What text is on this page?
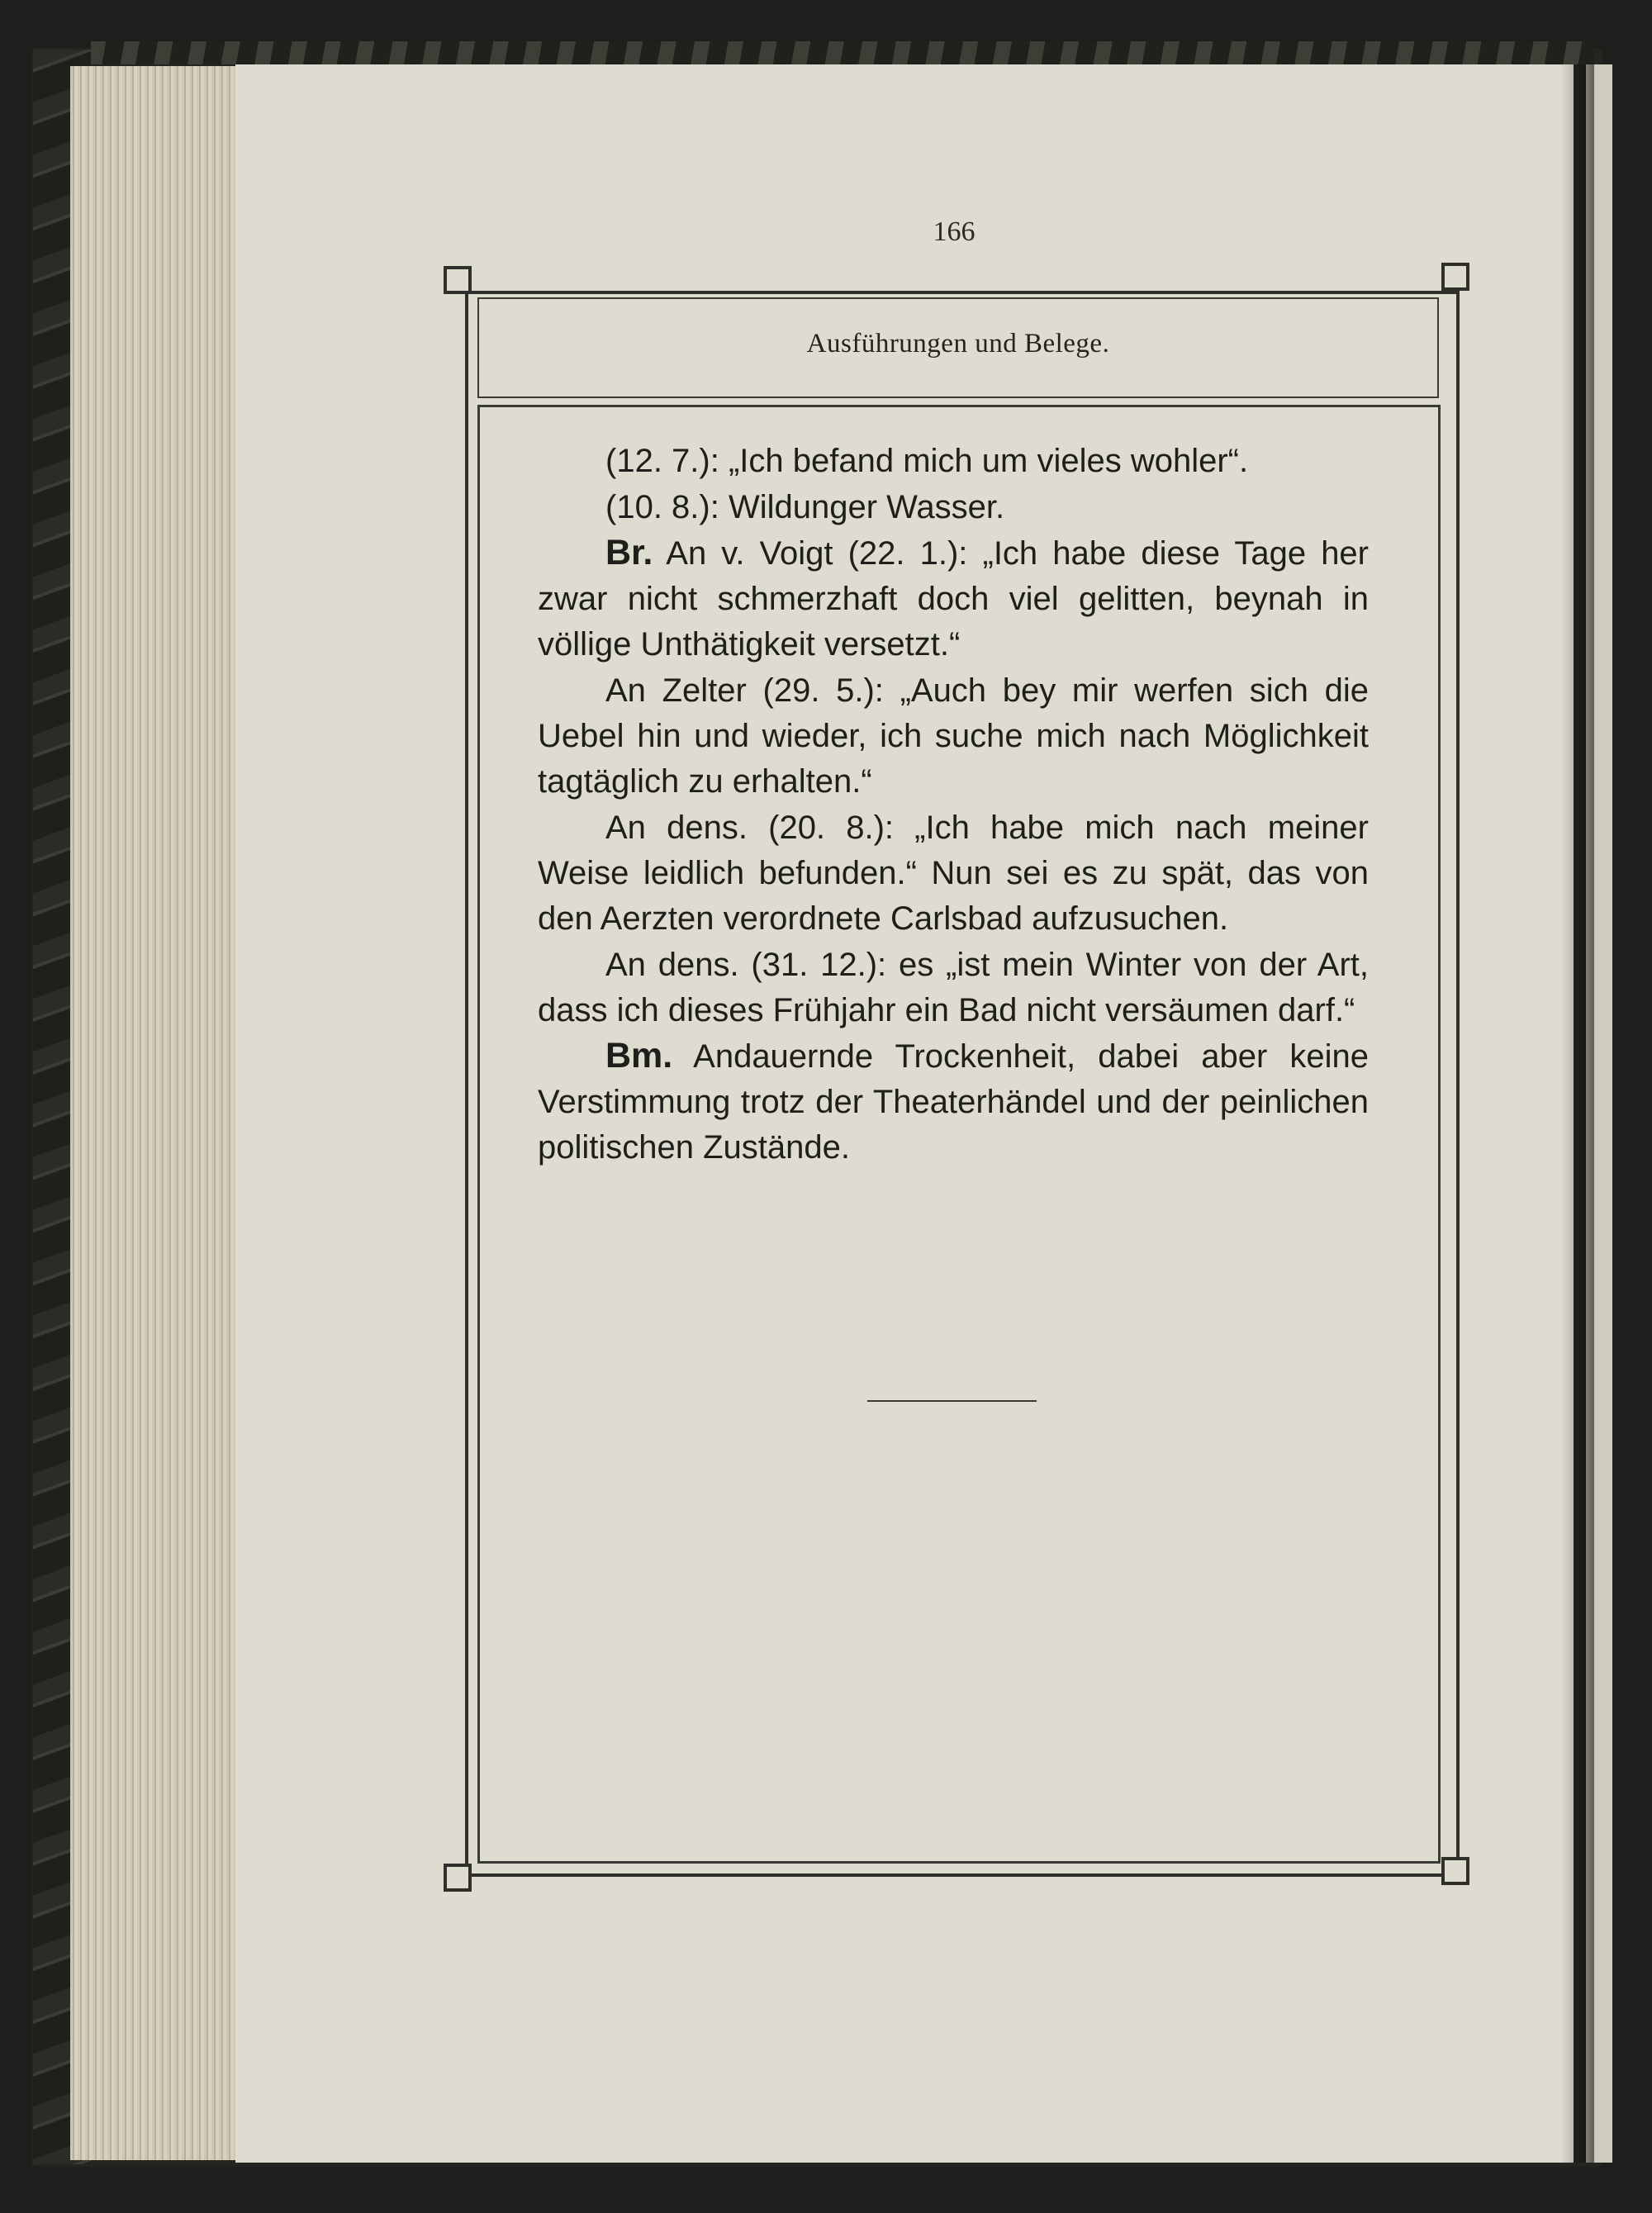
166
Ausführungen und Belege.

(12. 7.): „Ich befand mich um vieles wohler“.

(10. 8.): Wildunger Wasser.

Br. An v. Voigt (22. 1.): „Ich habe diese Tage her zwar nicht schmerzhaft doch viel gelitten, beynah in völlige Unthätigkeit versetzt.“

An Zelter (29. 5.): „Auch bey mir werfen sich die Uebel hin und wieder, ich suche mich nach Möglichkeit tagtäglich zu erhalten.“

An dens. (20. 8.): „Ich habe mich nach meiner Weise leidlich befunden.“ Nun sei es zu spät, das von den Aerzten verordnete Carlsbad aufzusuchen.

An dens. (31. 12.): es „ist mein Winter von der Art, dass ich dieses Frühjahr ein Bad nicht versäumen darf.“

Bm. Andauernde Trockenheit, dabei aber keine Verstimmung trotz der Theaterhändel und der peinlichen politischen Zustände.
